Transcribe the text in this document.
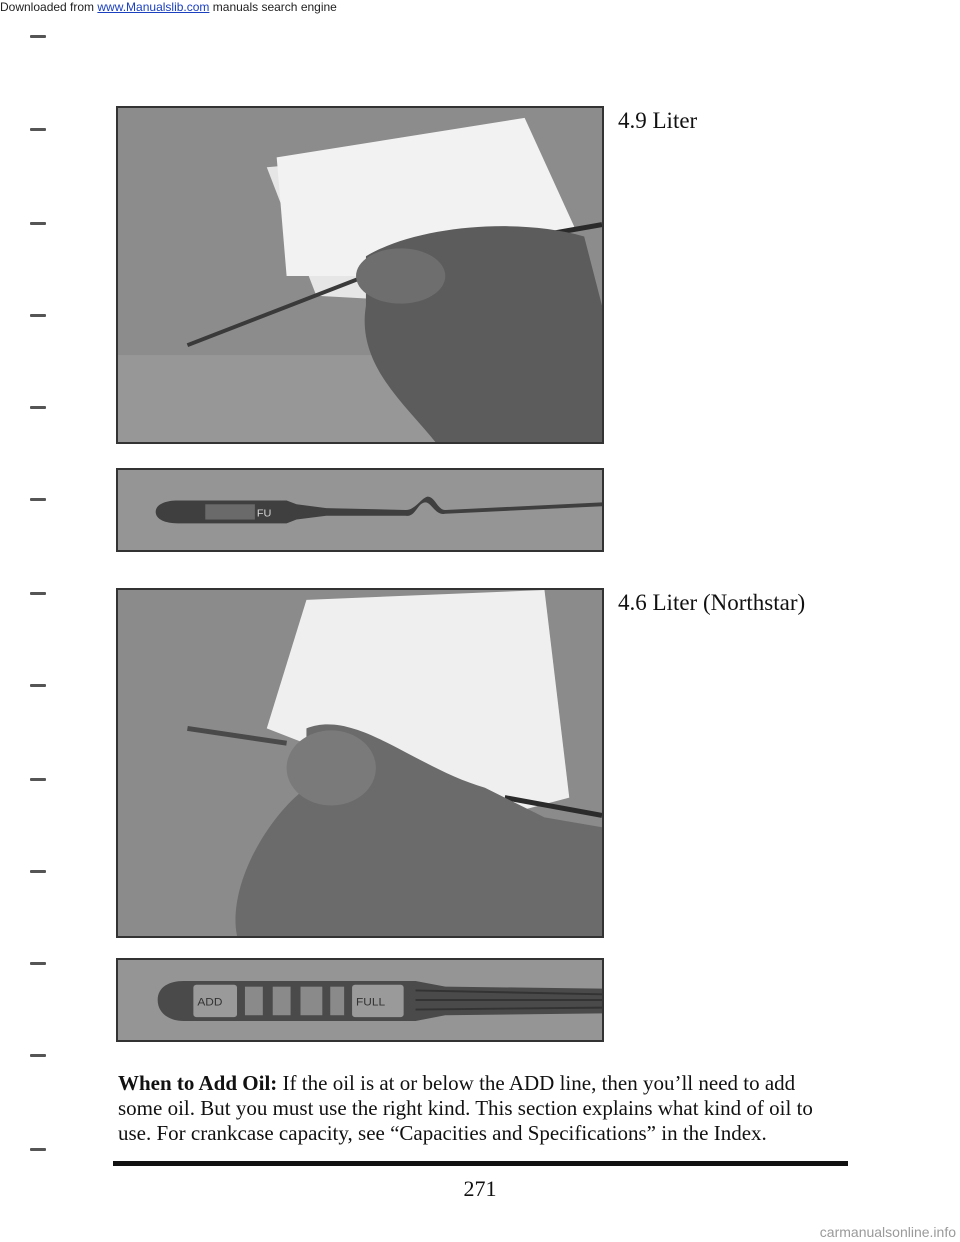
Downloaded from www.Manualslib.com manuals search engine
4.9 Liter
FU
4.6 Liter (Northstar)
ADD	FULL

When to Add Oil: If the oil is at or below the ADD line, then you’ll need to add some oil. But you must use the right kind. This section explains what kind of oil to use. For crankcase capacity, see “Capacities and Specifications” in the Index.

271
carmanualsonline.info
